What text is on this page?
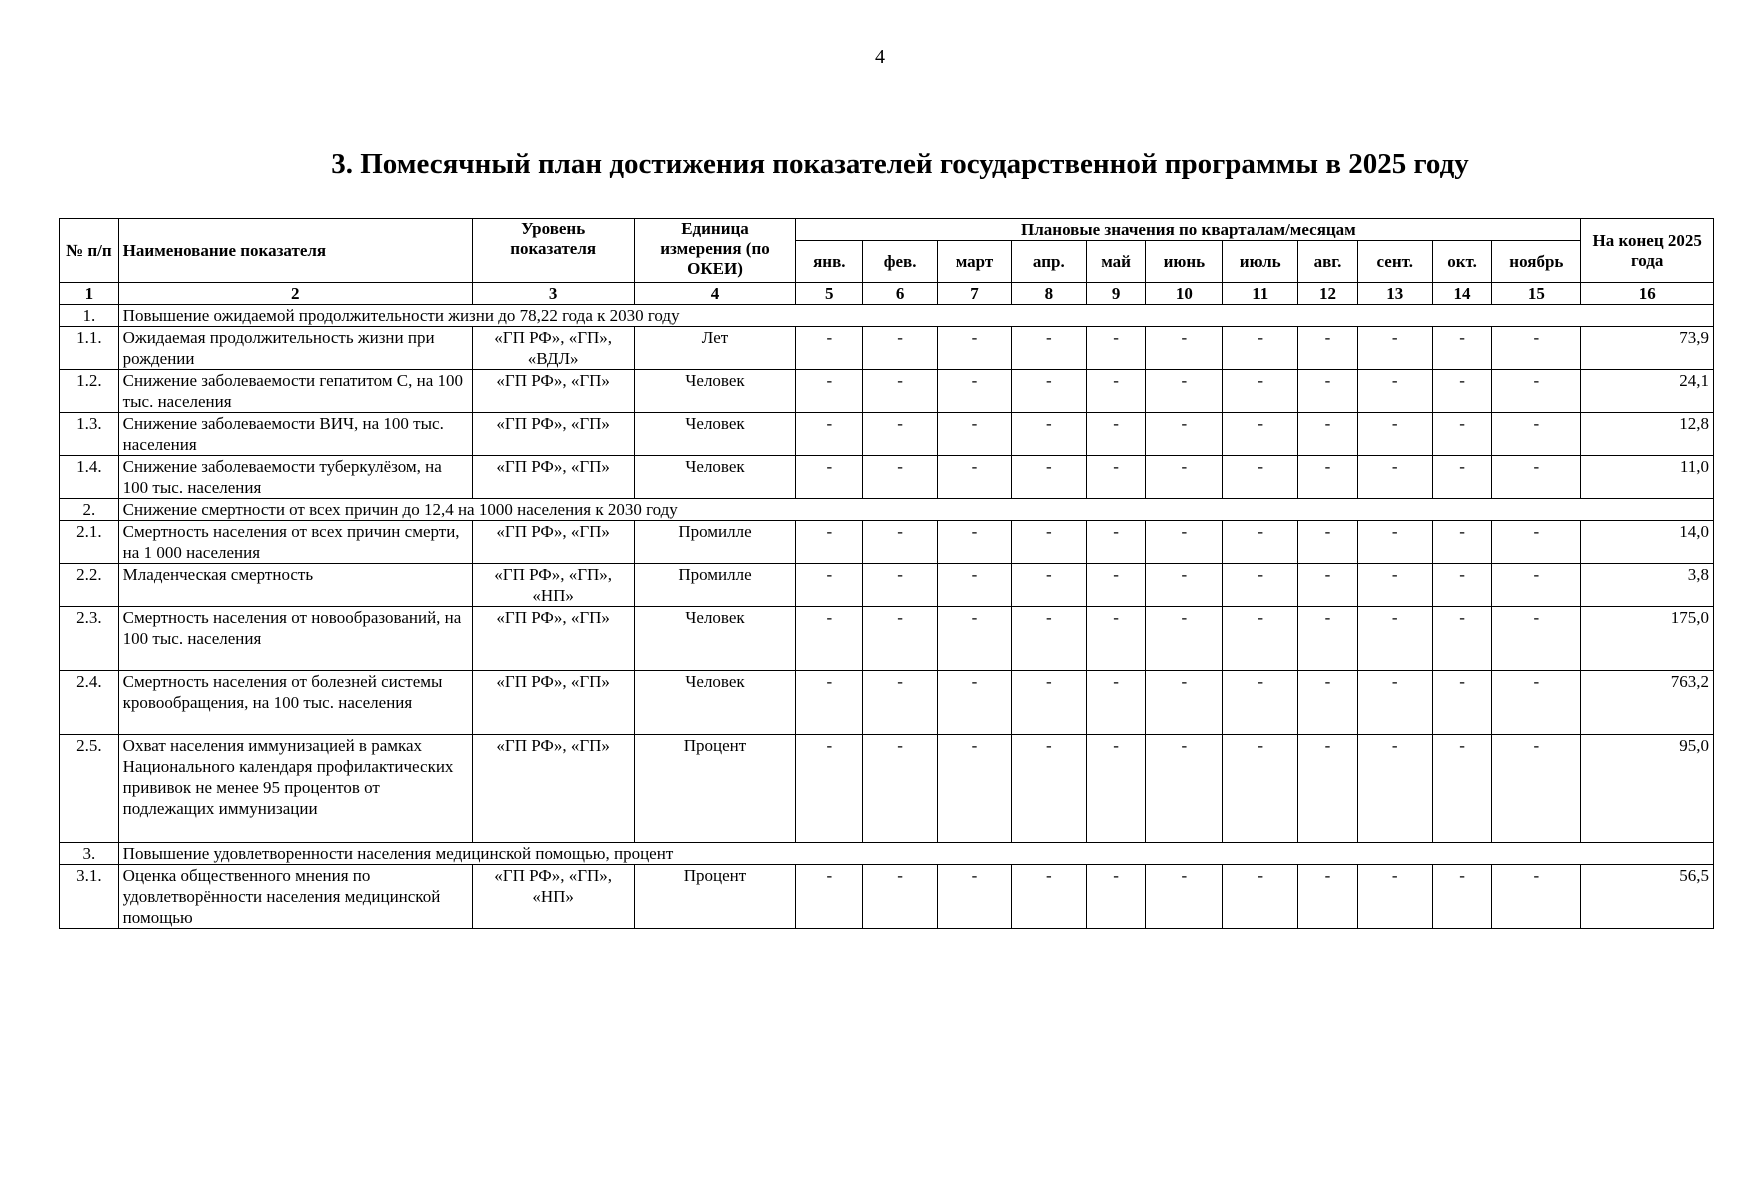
4
3. Помесячный план достижения показателей государственной программы в 2025 году
№ п/п	Наименование показателя	Уровень показателя	Единица измерения (по ОКЕИ)	Плановые значения по кварталам/месяцам											На конец 2025 года
				янв.	фев.	март	апр.	май	июнь	июль	авг.	сент.	окт.	ноябрь	
1	2	3	4	5	6	7	8	9	10	11	12	13	14	15	16
1.	Повышение ожидаемой продолжительности жизни до 78,22 года к 2030 году														
1.1.	Ожидаемая продолжительность жизни при рождении	«ГП РФ», «ГП», «ВДЛ»	Лет	-	-	-	-	-	-	-	-	-	-	-	73,9
1.2.	Снижение заболеваемости гепатитом С, на 100 тыс. населения	«ГП РФ», «ГП»	Человек	-	-	-	-	-	-	-	-	-	-	-	24,1
1.3.	Снижение заболеваемости ВИЧ, на 100 тыс. населения	«ГП РФ», «ГП»	Человек	-	-	-	-	-	-	-	-	-	-	-	12,8
1.4.	Снижение заболеваемости туберкулёзом, на 100 тыс. населения	«ГП РФ», «ГП»	Человек	-	-	-	-	-	-	-	-	-	-	-	11,0
2.	Снижение смертности от всех причин до 12,4 на 1000 населения к 2030 году														
2.1.	Смертность населения от всех причин смерти, на 1 000 населения	«ГП РФ», «ГП»	Промилле	-	-	-	-	-	-	-	-	-	-	-	14,0
2.2.	Младенческая смертность	«ГП РФ», «ГП», «НП»	Промилле	-	-	-	-	-	-	-	-	-	-	-	3,8
2.3.	Смертность населения от новообразований, на 100 тыс. населения	«ГП РФ», «ГП»	Человек	-	-	-	-	-	-	-	-	-	-	-	175,0
2.4.	Смертность населения от болезней системы кровообращения, на 100 тыс. населения	«ГП РФ», «ГП»	Человек	-	-	-	-	-	-	-	-	-	-	-	763,2
2.5.	Охват населения иммунизацией в рамках Национального календаря профилактических прививок не менее 95 процентов от подлежащих иммунизации	«ГП РФ», «ГП»	Процент	-	-	-	-	-	-	-	-	-	-	-	95,0
3.	Повышение удовлетворенности населения медицинской помощью, процент														
3.1.	Оценка общественного мнения по удовлетворённости населения медицинской помощью	«ГП РФ», «ГП», «НП»	Процент	-	-	-	-	-	-	-	-	-	-	-	56,5
